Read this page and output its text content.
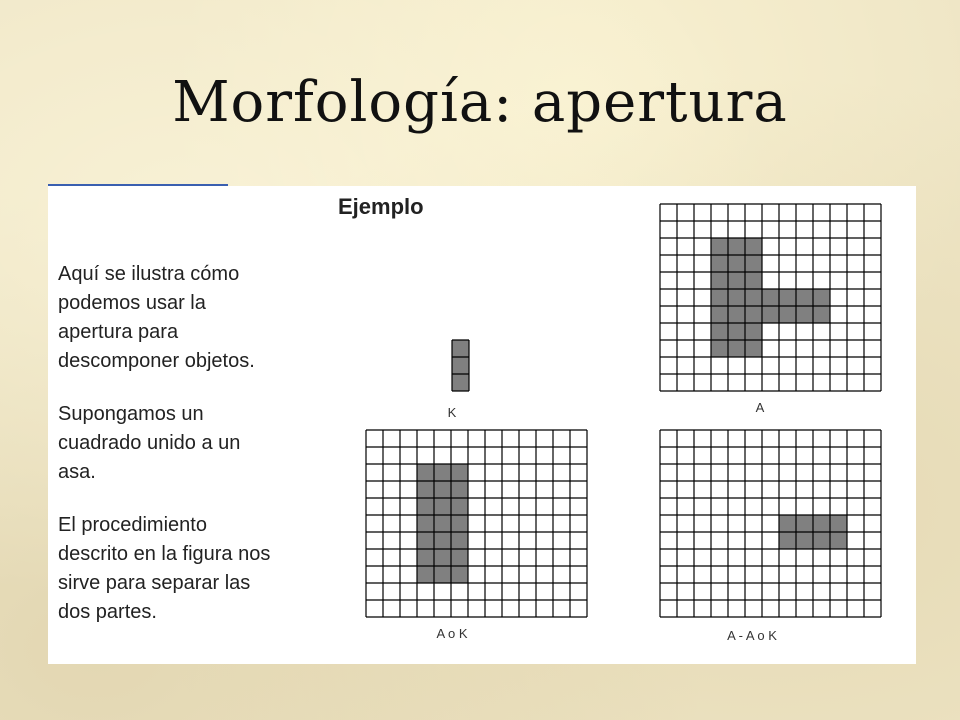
Morfología: apertura
Ejemplo

Aquí se ilustra cómo
podemos usar la
apertura para
descomponer objetos.

Supongamos un
cuadrado unido a un
asa.

El procedimiento
descrito en la figura nos
sirve para separar las
dos partes.

K	A
A o K	A - A o K
